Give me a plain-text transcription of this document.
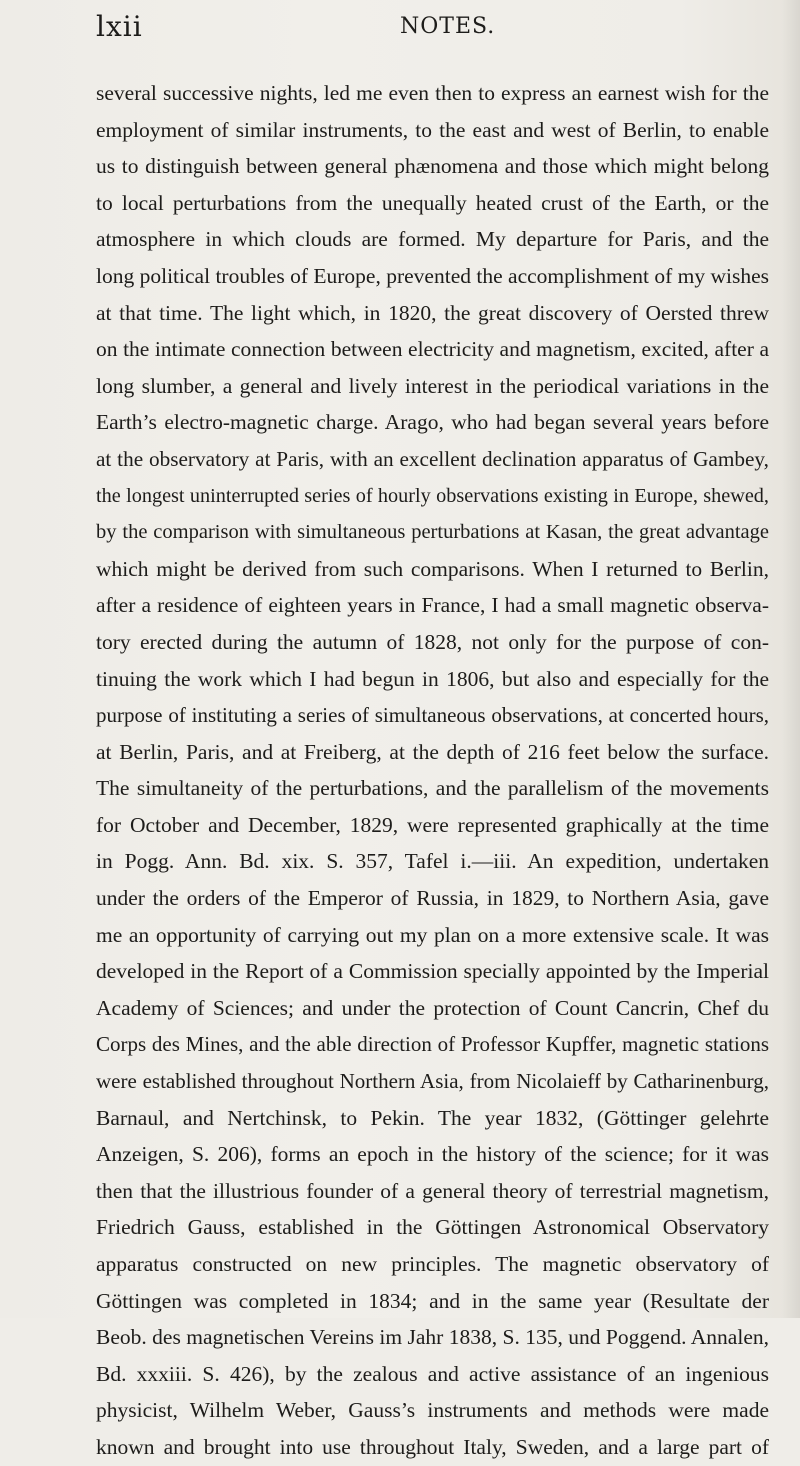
lxii	NOTES.
several successive nights, led me even then to express an earnest wish for the
employment of similar instruments, to the east and west of Berlin, to enable
us to distinguish between general phænomena and those which might belong
to local perturbations from the unequally heated crust of the Earth, or the
atmosphere in which clouds are formed. My departure for Paris, and the
long political troubles of Europe, prevented the accomplishment of my wishes
at that time. The light which, in 1820, the great discovery of Oersted threw
on the intimate connection between electricity and magnetism, excited, after a
long slumber, a general and lively interest in the periodical variations in the
Earth’s electro-magnetic charge. Arago, who had began several years before
at the observatory at Paris, with an excellent declination apparatus of Gambey,
the longest uninterrupted series of hourly observations existing in Europe, shewed,
by the comparison with simultaneous perturbations at Kasan, the great advantage
which might be derived from such comparisons. When I returned to Berlin,
after a residence of eighteen years in France, I had a small magnetic observa-
tory erected during the autumn of 1828, not only for the purpose of con-
tinuing the work which I had begun in 1806, but also and especially for the
purpose of instituting a series of simultaneous observations, at concerted hours,
at Berlin, Paris, and at Freiberg, at the depth of 216 feet below the surface.
The simultaneity of the perturbations, and the parallelism of the movements
for October and December, 1829, were represented graphically at the time
in Pogg. Ann. Bd. xix. S. 357, Tafel i.—iii. An expedition, undertaken
under the orders of the Emperor of Russia, in 1829, to Northern Asia, gave
me an opportunity of carrying out my plan on a more extensive scale. It was
developed in the Report of a Commission specially appointed by the Imperial
Academy of Sciences; and under the protection of Count Cancrin, Chef du
Corps des Mines, and the able direction of Professor Kupffer, magnetic stations
were established throughout Northern Asia, from Nicolaieff by Catharinenburg,
Barnaul, and Nertchinsk, to Pekin. The year 1832, (Göttinger gelehrte
Anzeigen, S. 206), forms an epoch in the history of the science; for it was
then that the illustrious founder of a general theory of terrestrial magnetism,
Friedrich Gauss, established in the Göttingen Astronomical Observatory
apparatus constructed on new principles. The magnetic observatory of
Göttingen was completed in 1834; and in the same year (Resultate der
Beob. des magnetischen Vereins im Jahr 1838, S. 135, und Poggend. Annalen,
Bd. xxxiii. S. 426), by the zealous and active assistance of an ingenious
physicist, Wilhelm Weber, Gauss’s instruments and methods were made
known and brought into use throughout Italy, Sweden, and a large part of
